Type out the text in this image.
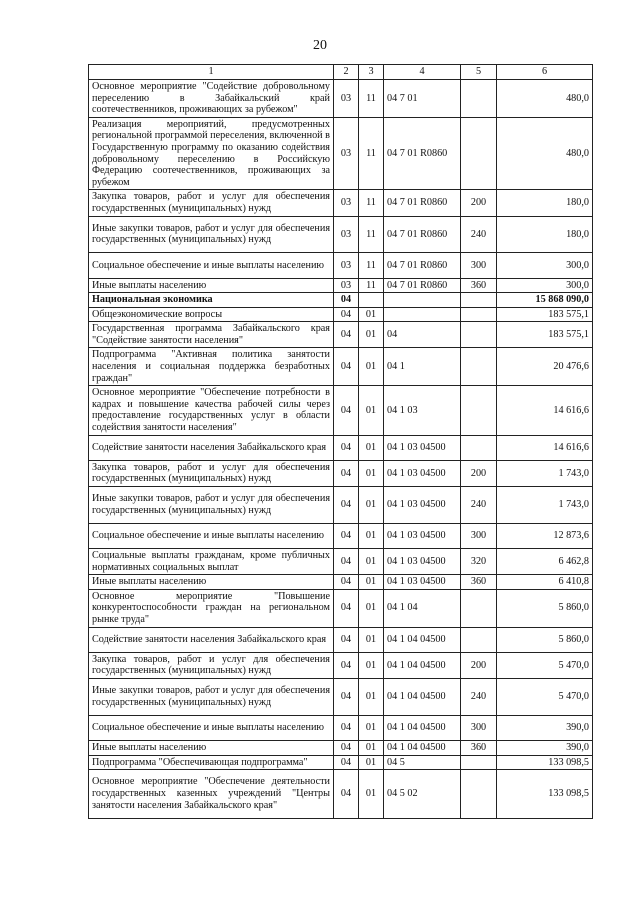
20
1	2	3	4	5	6
Основное мероприятие "Содействие добровольному переселению в Забайкальский край соотечественников, проживающих за рубежом"	03	11	04 7 01		480,0
Реализация мероприятий, предусмотренных региональной программой переселения, включенной в Государственную программу по оказанию содействия добровольному переселению в Российскую Федерацию соотечественников, проживающих за рубежом	03	11	04 7 01 R0860		480,0
Закупка товаров, работ и услуг для обеспечения государственных (муниципальных) нужд	03	11	04 7 01 R0860	200	180,0
Иные закупки товаров, работ и услуг для обеспечения государственных (муниципальных) нужд	03	11	04 7 01 R0860	240	180,0
Социальное обеспечение и иные выплаты населению	03	11	04 7 01 R0860	300	300,0
Иные выплаты населению	03	11	04 7 01 R0860	360	300,0
Национальная экономика	04				15 868 090,0
Общеэкономические вопросы	04	01			183 575,1
Государственная программа Забайкальского края "Содействие занятости населения"	04	01	04		183 575,1
Подпрограмма "Активная политика занятости населения и социальная поддержка безработных граждан"	04	01	04 1		20 476,6
Основное мероприятие "Обеспечение потребности в кадрах и повышение качества рабочей силы через предоставление государственных услуг в области содействия занятости населения"	04	01	04 1 03		14 616,6
Содействие занятости населения Забайкальского края	04	01	04 1 03 04500		14 616,6
Закупка товаров, работ и услуг для обеспечения государственных (муниципальных) нужд	04	01	04 1 03 04500	200	1 743,0
Иные закупки товаров, работ и услуг для обеспечения государственных (муниципальных) нужд	04	01	04 1 03 04500	240	1 743,0
Социальное обеспечение и иные выплаты населению	04	01	04 1 03 04500	300	12 873,6
Социальные выплаты гражданам, кроме публичных нормативных социальных выплат	04	01	04 1 03 04500	320	6 462,8
Иные выплаты населению	04	01	04 1 03 04500	360	6 410,8
Основное мероприятие "Повышение конкурентоспособности граждан на региональном рынке труда"	04	01	04 1 04		5 860,0
Содействие занятости населения Забайкальского края	04	01	04 1 04 04500		5 860,0
Закупка товаров, работ и услуг для обеспечения государственных (муниципальных) нужд	04	01	04 1 04 04500	200	5 470,0
Иные закупки товаров, работ и услуг для обеспечения государственных (муниципальных) нужд	04	01	04 1 04 04500	240	5 470,0
Социальное обеспечение и иные выплаты населению	04	01	04 1 04 04500	300	390,0
Иные выплаты населению	04	01	04 1 04 04500	360	390,0
Подпрограмма "Обеспечивающая подпрограмма"	04	01	04 5		133 098,5
Основное мероприятие "Обеспечение деятельности государственных казенных учреждений "Центры занятости населения Забайкальского края"	04	01	04 5 02		133 098,5
